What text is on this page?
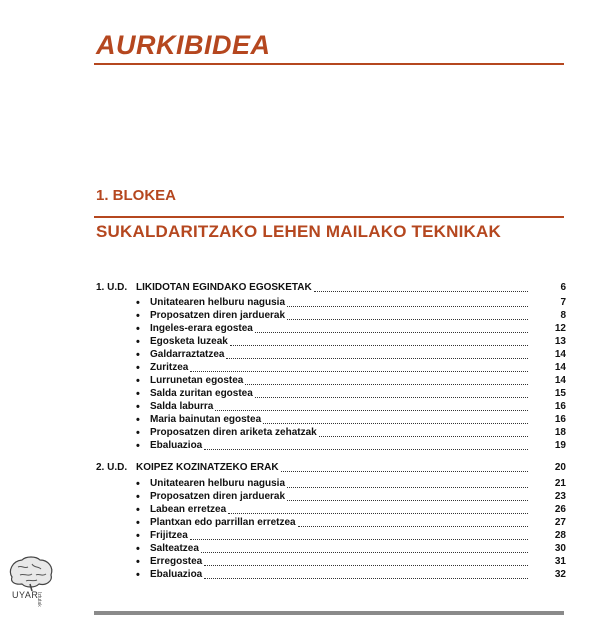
AURKIBIDEA
1. BLOKEA
SUKALDARITZAKO LEHEN MAILAKO TEKNIKAK
1. U.D. LIKIDOTAN EGINDAKO EGOSKETAK	6
•	Unitatearen helburu nagusia	7
•	Proposatzen diren jarduerak	8
•	Ingeles-erara egostea	12
•	Egosketa luzeak	13
•	Galdarraztatzea	14
•	Zuritzea	14
•	Lurrunetan egostea	14
•	Salda zuritan egostea	15
•	Salda laburra	16
•	Maria bainutan egostea	16
•	Proposatzen diren ariketa zehatzak	18
•	Ebaluazioa	19
2. U.D. KOIPEZ KOZINATZEKO ERAK	20
•	Unitatearen helburu nagusia	21
•	Proposatzen diren jarduerak	23
•	Labean erretzea	26
•	Plantxan edo parrillan erretzea	27
•	Frijitzea	28
•	Salteatzea	30
•	Erregostea	31
•	Ebaluazioa	32
UYAR
Iztutak
